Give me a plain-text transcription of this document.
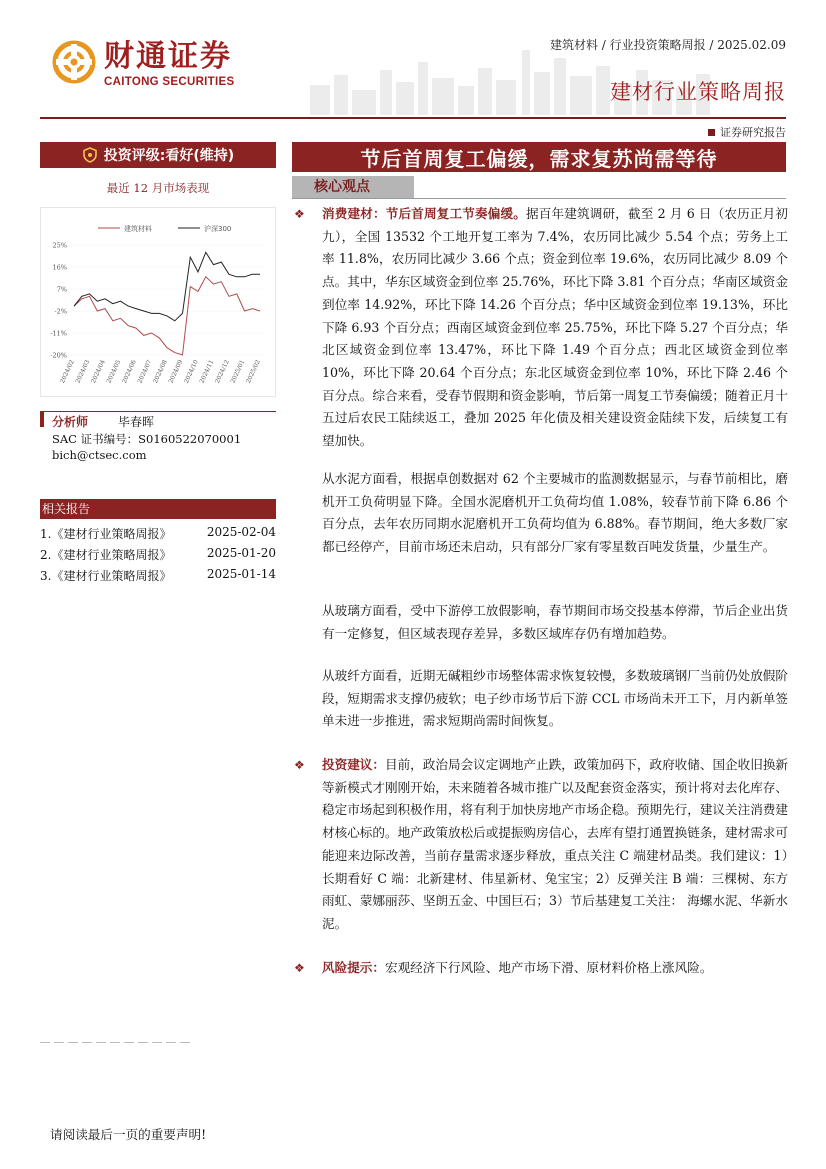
财通证券
CAITONG SECURITIES
建筑材料 / 行业投资策略周报 / 2025.02.09
建材行业策略周报
证券研究报告
投资评级:看好(维持)
最近 12 月市场表现
建筑材料	沪深300
25%
16%
7%
-2%
-11%
-20%
2024/02
2024/03
2024/04
2024/05
2024/06
2024/07
2024/08
2024/09
2024/10
2024/11
2024/12
2025/01
2025/02
分析师 毕春晖
SAC 证书编号：S0160522070001
bich@ctsec.com
相关报告
1.《建材行业策略周报》	2025-02-04
2.《建材行业策略周报》	2025-01-20
3.《建材行业策略周报》	2025-01-14
节后首周复工偏缓，需求复苏尚需等待
核心观点
❖ 消费建材：节后首周复工节奏偏缓。据百年建筑调研，截至 2 月 6 日（农历正月初九），全国 13532 个工地开复工率为 7.4%，农历同比减少 5.54 个点；劳务上工率 11.8%，农历同比减少 3.66 个点；资金到位率 19.6%，农历同比减少 8.09 个点。其中，华东区域资金到位率 25.76%，环比下降 3.81 个百分点；华南区域资金到位率 14.92%，环比下降 14.26 个百分点；华中区域资金到位率 19.13%，环比下降 6.93 个百分点；西南区域资金到位率 25.75%，环比下降 5.27 个百分点；华北区域资金到位率 13.47%，环比下降 1.49 个百分点；西北区域资金到位率 10%，环比下降 20.64 个百分点；东北区域资金到位率 10%，环比下降 2.46 个百分点。综合来看，受春节假期和资金影响，节后第一周复工节奏偏缓；随着正月十五过后农民工陆续返工，叠加 2025 年化债及相关建设资金陆续下发，后续复工有望加快。
从水泥方面看，根据卓创数据对 62 个主要城市的监测数据显示，与春节前相比，磨机开工负荷明显下降。全国水泥磨机开工负荷均值 1.08%，较春节前下降 6.86 个百分点，去年农历同期水泥磨机开工负荷均值为 6.88%。春节期间，绝大多数厂家都已经停产，目前市场还未启动，只有部分厂家有零星数百吨发货量，少量生产。
从玻璃方面看，受中下游停工放假影响，春节期间市场交投基本停滞，节后企业出货有一定修复，但区域表现存差异，多数区域库存仍有增加趋势。
从玻纤方面看，近期无碱粗纱市场整体需求恢复较慢，多数玻璃钢厂当前仍处放假阶段，短期需求支撑仍疲软；电子纱市场节后下游 CCL 市场尚未开工下，月内新单签单未进一步推进，需求短期尚需时间恢复。
❖ 投资建议：目前，政治局会议定调地产止跌，政策加码下，政府收储、国企收旧换新等新模式才刚刚开始，未来随着各城市推广以及配套资金落实，预计将对去化库存、稳定市场起到积极作用，将有利于加快房地产市场企稳。预期先行，建议关注消费建材核心标的。地产政策放松后或提振购房信心，去库有望打通置换链条，建材需求可能迎来边际改善，当前存量需求逐步释放，重点关注 C 端建材品类。我们建议：1）长期看好 C 端：北新建材、伟星新材、兔宝宝；2）反弹关注 B 端：三棵树、东方雨虹、蒙娜丽莎、坚朗五金、中国巨石；3）节后基建复工关注： 海螺水泥、华新水泥。
❖ 风险提示：宏观经济下行风险、地产市场下滑、原材料价格上涨风险。
请阅读最后一页的重要声明!
